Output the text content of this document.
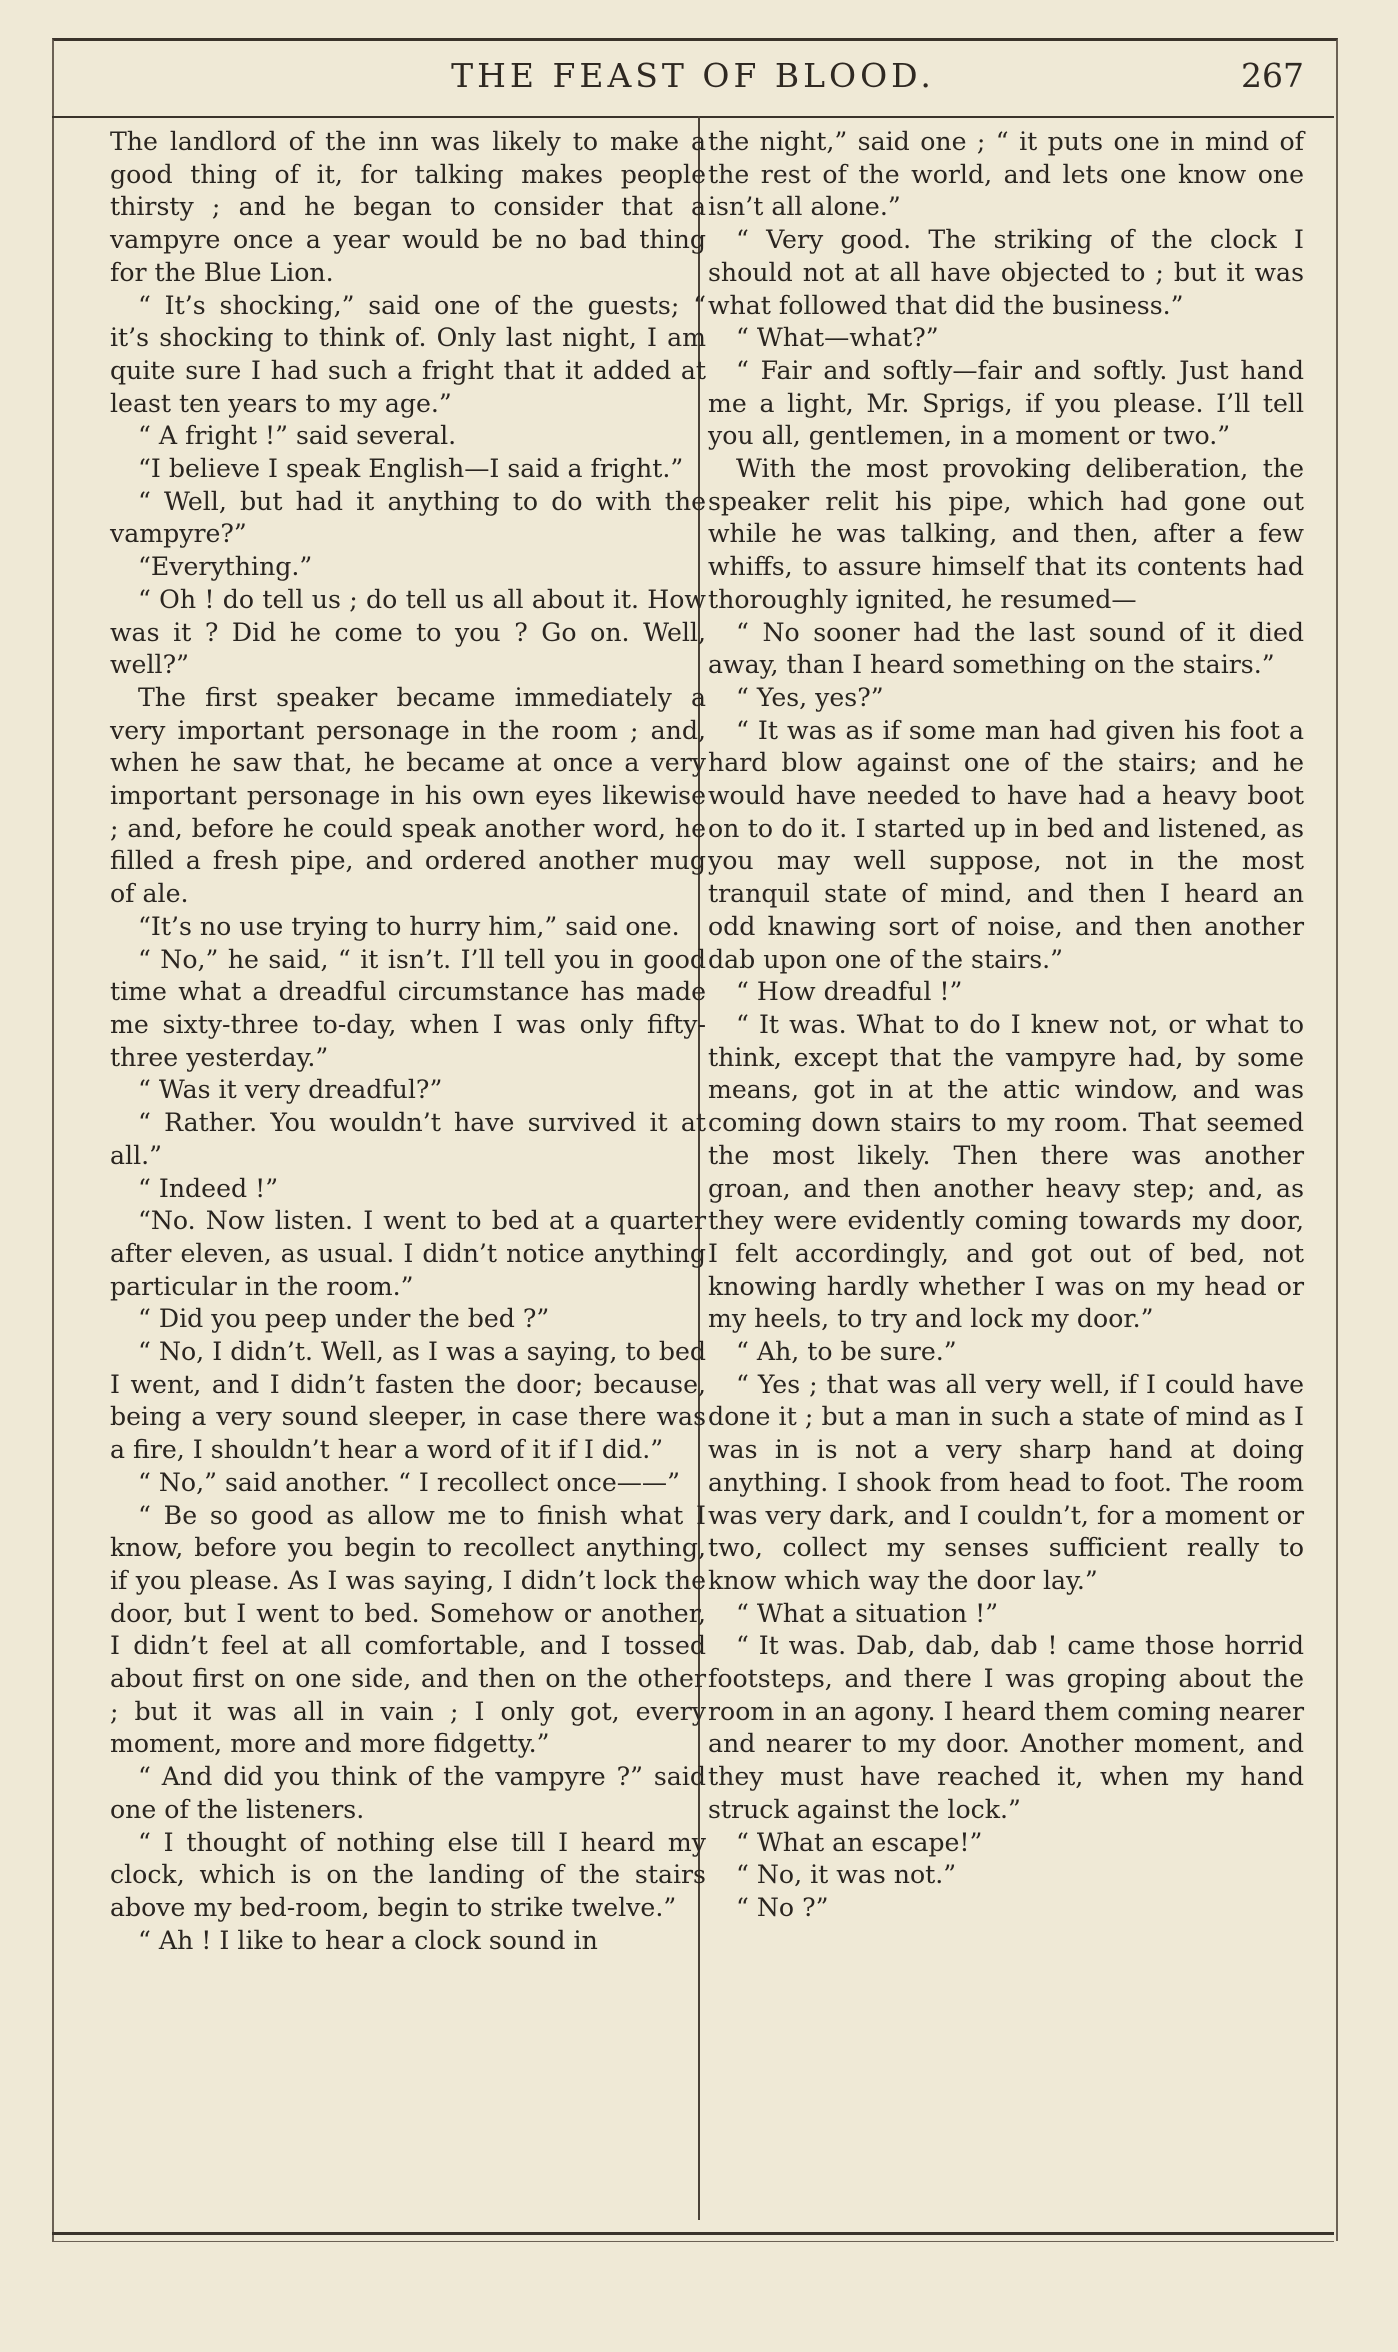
THE FEAST OF BLOOD.	267

The landlord of the inn was likely to make a good thing of it, for talking makes people thirsty ; and he began to consider that a vampyre once a year would be no bad thing for the Blue Lion.

“ It’s shocking,” said one of the guests; “ it’s shocking to think of. Only last night, I am quite sure I had such a fright that it added at least ten years to my age.”

“ A fright !” said several.

“I believe I speak English—I said a fright.”

“ Well, but had it anything to do with the vampyre?”

“Everything.”

“ Oh ! do tell us ; do tell us all about it. How was it ? Did he come to you ? Go on. Well, well?”

The first speaker became immediately a very important personage in the room ; and, when he saw that, he became at once a very important personage in his own eyes likewise ; and, before he could speak another word, he filled a fresh pipe, and ordered another mug of ale.

“It’s no use trying to hurry him,” said one.

“ No,” he said, “ it isn’t. I’ll tell you in good time what a dreadful circumstance has made me sixty-three to-day, when I was only fifty-three yesterday.”

“ Was it very dreadful?”

“ Rather. You wouldn’t have survived it at all.”

“ Indeed !”

“No. Now listen. I went to bed at a quarter after eleven, as usual. I didn’t notice anything particular in the room.”

“ Did you peep under the bed ?”

“ No, I didn’t. Well, as I was a saying, to bed I went, and I didn’t fasten the door; because, being a very sound sleeper, in case there was a fire, I shouldn’t hear a word of it if I did.”

“ No,” said another. “ I recollect once——”

“ Be so good as allow me to finish what I know, before you begin to recollect anything, if you please. As I was saying, I didn’t lock the door, but I went to bed. Somehow or another, I didn’t feel at all comfortable, and I tossed about first on one side, and then on the other ; but it was all in vain ; I only got, every moment, more and more fidgetty.”

“ And did you think of the vampyre ?” said one of the listeners.

“ I thought of nothing else till I heard my clock, which is on the landing of the stairs above my bed-room, begin to strike twelve.”

“ Ah ! I like to hear a clock sound in

the night,” said one ; “ it puts one in mind of the rest of the world, and lets one know one isn’t all alone.”

“ Very good. The striking of the clock I should not at all have objected to ; but it was what followed that did the business.”

“ What—what?”

“ Fair and softly—fair and softly. Just hand me a light, Mr. Sprigs, if you please. I’ll tell you all, gentlemen, in a moment or two.”

With the most provoking deliberation, the speaker relit his pipe, which had gone out while he was talking, and then, after a few whiffs, to assure himself that its contents had thoroughly ignited, he resumed—

“ No sooner had the last sound of it died away, than I heard something on the stairs.”

“ Yes, yes?”

“ It was as if some man had given his foot a hard blow against one of the stairs; and he would have needed to have had a heavy boot on to do it. I started up in bed and listened, as you may well suppose, not in the most tranquil state of mind, and then I heard an odd knawing sort of noise, and then another dab upon one of the stairs.”

“ How dreadful !”

“ It was. What to do I knew not, or what to think, except that the vampyre had, by some means, got in at the attic window, and was coming down stairs to my room. That seemed the most likely. Then there was another groan, and then another heavy step; and, as they were evidently coming towards my door, I felt accordingly, and got out of bed, not knowing hardly whether I was on my head or my heels, to try and lock my door.”

“ Ah, to be sure.”

“ Yes ; that was all very well, if I could have done it ; but a man in such a state of mind as I was in is not a very sharp hand at doing anything. I shook from head to foot. The room was very dark, and I couldn’t, for a moment or two, collect my senses sufficient really to know which way the door lay.”

“ What a situation !”

“ It was. Dab, dab, dab ! came those horrid footsteps, and there I was groping about the room in an agony. I heard them coming nearer and nearer to my door. Another moment, and they must have reached it, when my hand struck against the lock.”

“ What an escape!”

“ No, it was not.”

“ No ?”
